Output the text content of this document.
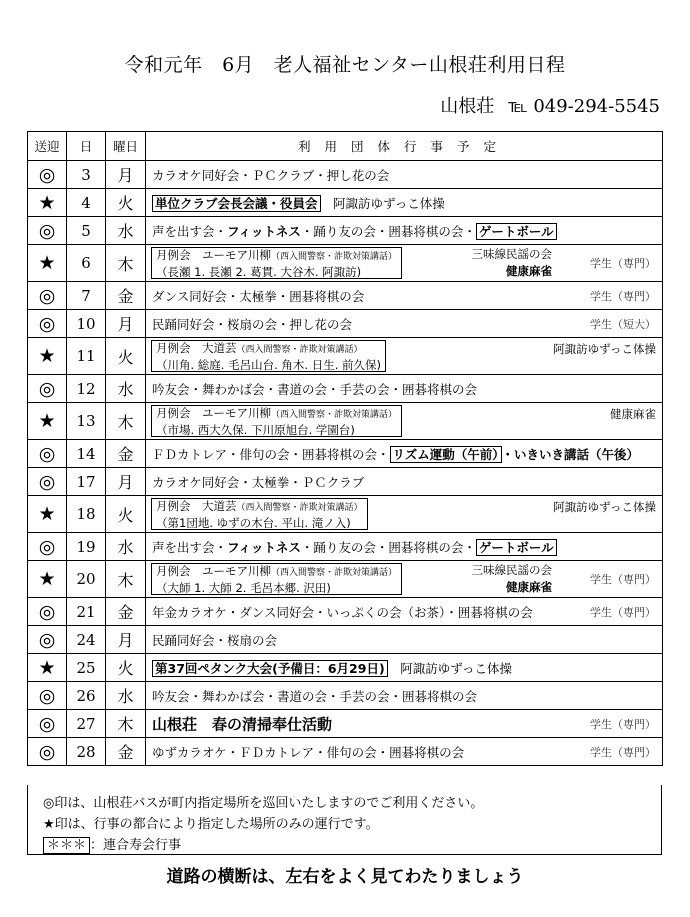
令和元年　6月　老人福祉センター山根荘利用日程
山根荘 ℡ 049-294-5545
送迎	日	曜日	利用団体行事予定
◎	3	月	カラオケ同好会・ＰＣクラブ・押し花の会

★	4	火	単位クラブ会長会議・役員会　 阿諏訪ゆずっこ体操

◎	5	水	声を出す会・フィットネス・踊り友の会・囲碁将棋の会・ ゲートボール

★	6	木	月例会　ユーモア川柳（西入間警察・詐欺対策講話）
（長瀬 1. 長瀬 2. 葛貫. 大谷木. 阿諏訪)
三味線民謡の会
健康麻雀
学生（専門）

◎	7	金	ダンス同好会・太極拳・囲碁将棋の会 学生（専門）

◎	10	月	民踊同好会・桜扇の会・押し花の会 学生（短大）

★	11	火	月例会　大道芸（西入間警察・詐欺対策講話）
（川角. 総庭. 毛呂山台. 角木. 日生. 前久保)
阿諏訪ゆずっこ体操

◎	12	水	吟友会・舞わかば会・書道の会・手芸の会・囲碁将棋の会

★	13	木	月例会　ユーモア川柳（西入間警察・詐欺対策講話）
（市場. 西大久保. 下川原旭台. 学園台)
健康麻雀

◎	14	金	ＦＤカトレア・俳句の会・囲碁将棋の会・ リズム運動（午前） ・いきいき講話（午後）

◎	17	月	カラオケ同好会・太極拳・ＰＣクラブ

★	18	火	月例会　大道芸（西入間警察・詐欺対策講話）
（第1団地. ゆずの木台. 平山. 滝ノ入)
阿諏訪ゆずっこ体操

◎	19	水	声を出す会・フィットネス・踊り友の会・囲碁将棋の会・ ゲートボール

★	20	木	月例会　ユーモア川柳（西入間警察・詐欺対策講話）
（大師 1. 大師 2. 毛呂本郷. 沢田)
三味線民謡の会
健康麻雀
学生（専門）

◎	21	金	年金カラオケ・ダンス同好会・いっぷくの会（お茶）・囲碁将棋の会 学生（専門）

◎	24	月	民踊同好会・桜扇の会

★	25	火	第37回ペタンク大会(予備日：6月29日)　 阿諏訪ゆずっこ体操

◎	26	水	吟友会・舞わかば会・書道の会・手芸の会・囲碁将棋の会

◎	27	木	山根荘　春の清掃奉仕活動 学生（専門）

◎	28	金	ゆずカラオケ・ＦＤカトレア・俳句の会・囲碁将棋の会 学生（専門）
◎印は、山根荘バスが町内指定場所を巡回いたしますのでご利用ください。
★印は、行事の都合により指定した場所のみの運行です。
＊＊＊ ：連合寿会行事
道路の横断は、左右をよく見てわたりましょう
